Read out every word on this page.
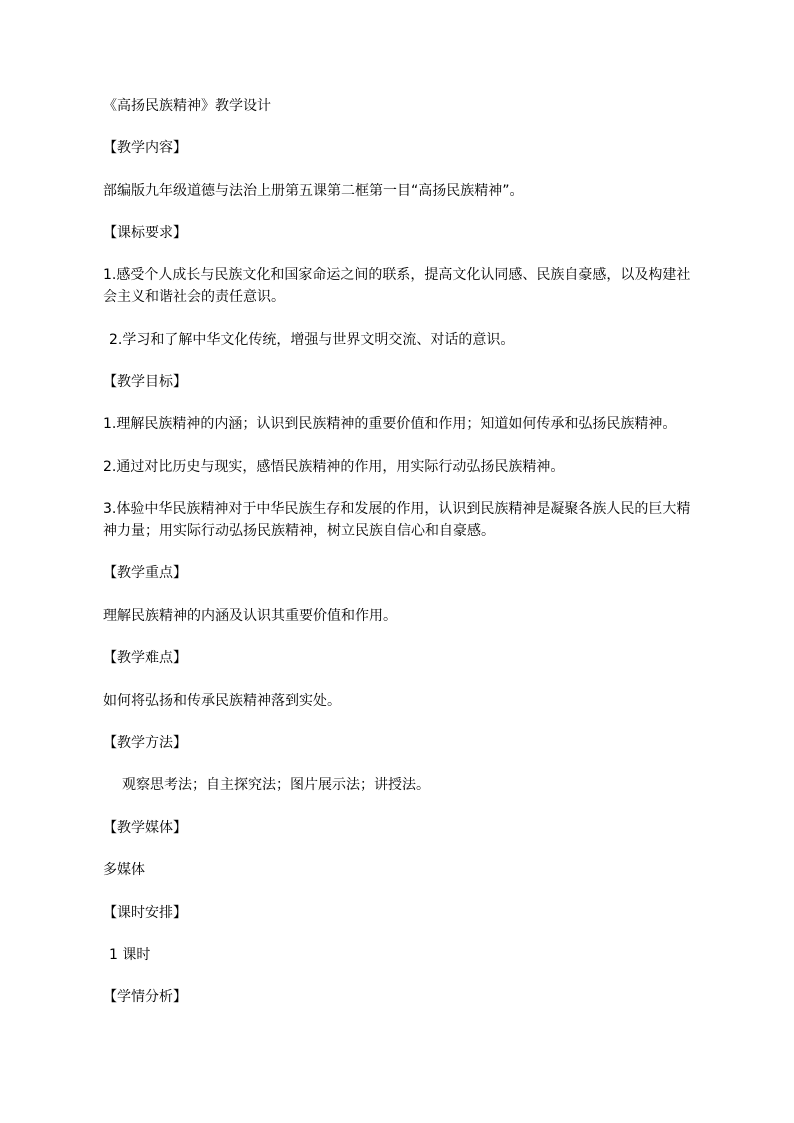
《高扬民族精神》教学设计
【教学内容】
部编版九年级道德与法治上册第五课第二框第一目“高扬民族精神”。
【课标要求】
1.感受个人成长与民族文化和国家命运之间的联系，提高文化认同感、民族自豪感，以及构建社会主义和谐社会的责任意识。
2.学习和了解中华文化传统，增强与世界文明交流、对话的意识。
【教学目标】
1.理解民族精神的内涵；认识到民族精神的重要价值和作用；知道如何传承和弘扬民族精神。
2.通过对比历史与现实，感悟民族精神的作用，用实际行动弘扬民族精神。
3.体验中华民族精神对于中华民族生存和发展的作用，认识到民族精神是凝聚各族人民的巨大精神力量；用实际行动弘扬民族精神，树立民族自信心和自豪感。
【教学重点】
理解民族精神的内涵及认识其重要价值和作用。
【教学难点】
如何将弘扬和传承民族精神落到实处。
【教学方法】
观察思考法；自主探究法；图片展示法；讲授法。
【教学媒体】
多媒体
【课时安排】
1 课时
【学情分析】
